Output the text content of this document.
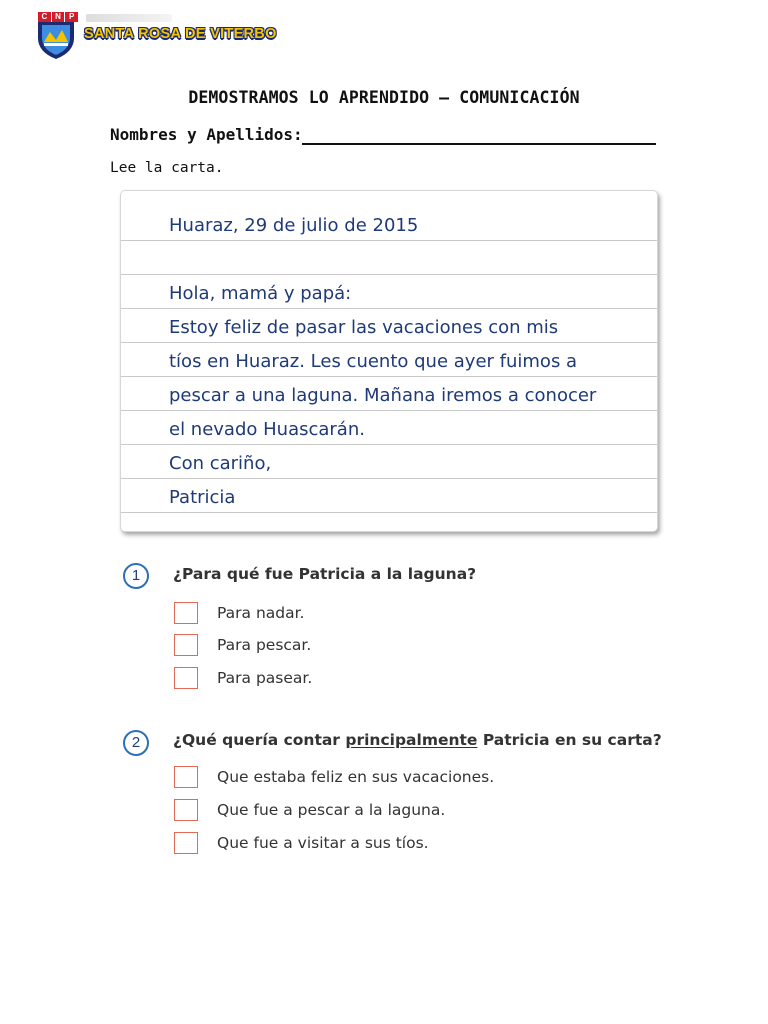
C N	P
SANTA ROSA DE VITERBO
DEMOSTRAMOS LO APRENDIDO – COMUNICACIÓN
Nombres y Apellidos:
Lee la carta.
Huaraz, 29 de julio de 2015
Hola, mamá y papá:
Estoy feliz de pasar las vacaciones con mis
tíos en Huaraz. Les cuento que ayer fuimos a
pescar a una laguna. Mañana iremos a conocer
el nevado Huascarán.
Con cariño,
Patricia
1	¿Para qué fue Patricia a la laguna?
Para nadar.
Para pescar.
Para pasear.
2	¿Qué quería contar principalmente Patricia en su carta?
Que estaba feliz en sus vacaciones.
Que fue a pescar a la laguna.
Que fue a visitar a sus tíos.
